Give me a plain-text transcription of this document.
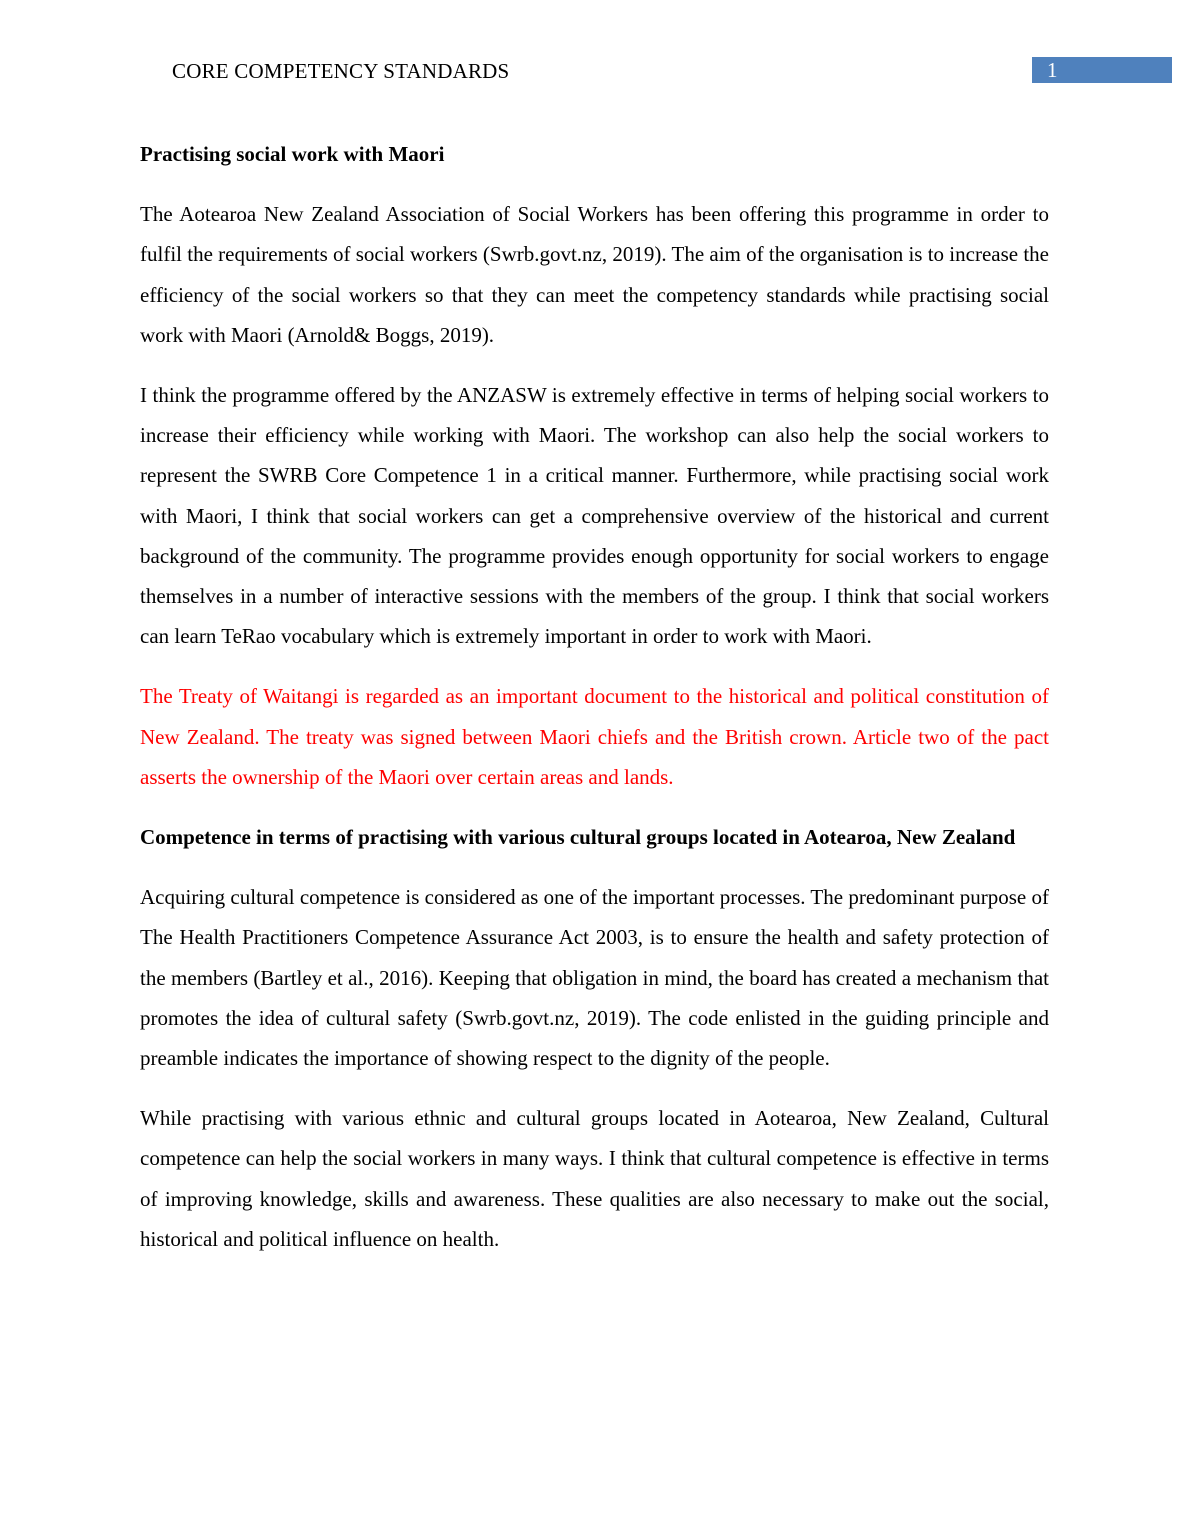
CORE COMPETENCY STANDARDS	1

Practising social work with Maori

The Aotearoa New Zealand Association of Social Workers has been offering this programme in order to fulfil the requirements of social workers (Swrb.govt.nz, 2019). The aim of the organisation is to increase the efficiency of the social workers so that they can meet the competency standards while practising social work with Maori (Arnold& Boggs, 2019).

I think the programme offered by the ANZASW is extremely effective in terms of helping social workers to increase their efficiency while working with Maori. The workshop can also help the social workers to represent the SWRB Core Competence 1 in a critical manner. Furthermore, while practising social work with Maori, I think that social workers can get a comprehensive overview of the historical and current background of the community. The programme provides enough opportunity for social workers to engage themselves in a number of interactive sessions with the members of the group. I think that social workers can learn TeRao vocabulary which is extremely important in order to work with Maori.

The Treaty of Waitangi is regarded as an important document to the historical and political constitution of New Zealand. The treaty was signed between Maori chiefs and the British crown. Article two of the pact asserts the ownership of the Maori over certain areas and lands.

Competence in terms of practising with various cultural groups located in Aotearoa, New Zealand

Acquiring cultural competence is considered as one of the important processes. The predominant purpose of The Health Practitioners Competence Assurance Act 2003, is to ensure the health and safety protection of the members (Bartley et al., 2016). Keeping that obligation in mind, the board has created a mechanism that promotes the idea of cultural safety (Swrb.govt.nz, 2019). The code enlisted in the guiding principle and preamble indicates the importance of showing respect to the dignity of the people.

While practising with various ethnic and cultural groups located in Aotearoa, New Zealand, Cultural competence can help the social workers in many ways. I think that cultural competence is effective in terms of improving knowledge, skills and awareness. These qualities are also necessary to make out the social, historical and political influence on health.
